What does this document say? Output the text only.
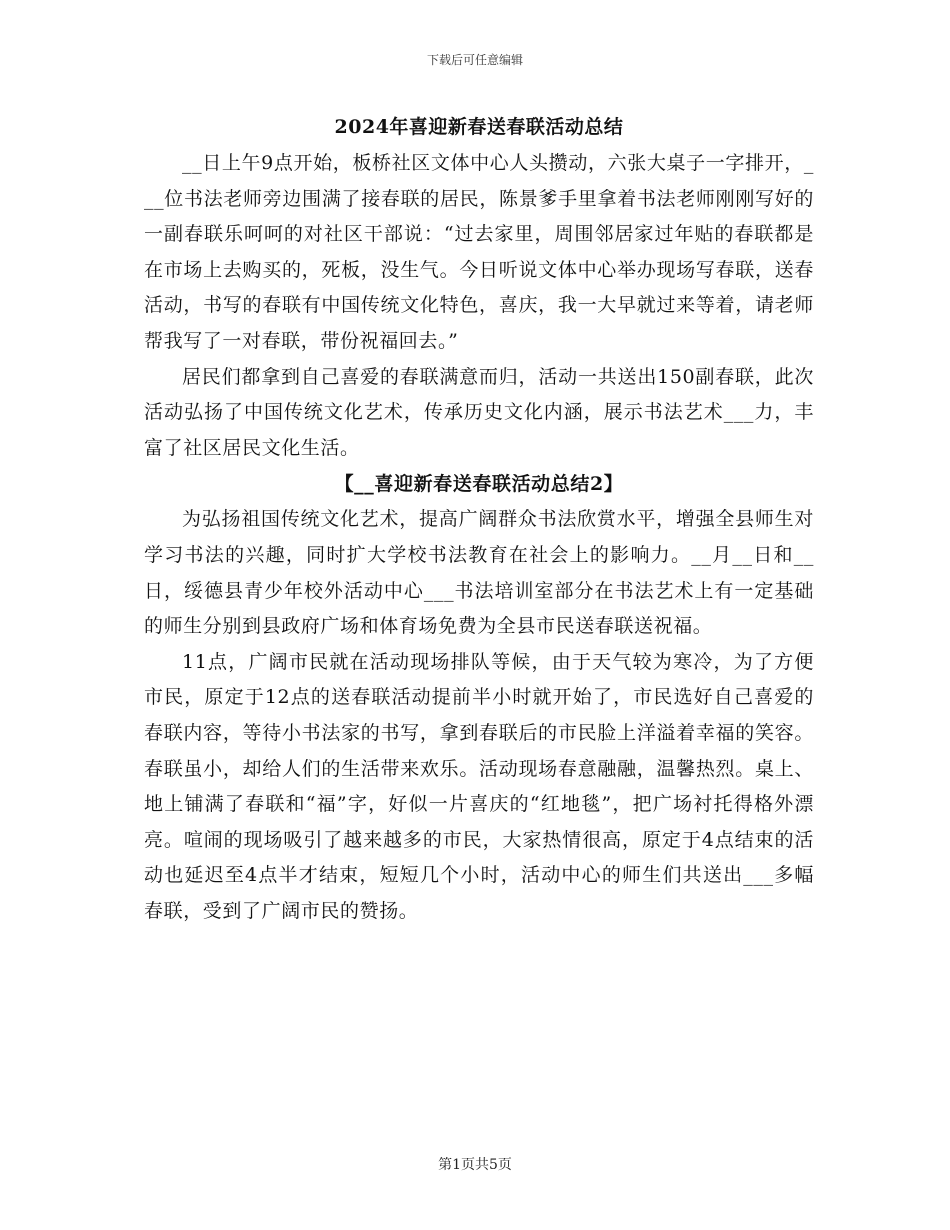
下载后可任意编辑
2024年喜迎新春送春联活动总结

__日上午9点开始，板桥社区文体中心人头攒动，六张大桌子一字排开，___位书法老师旁边围满了接春联的居民，陈景爹手里拿着书法老师刚刚写好的一副春联乐呵呵的对社区干部说：“过去家里，周围邻居家过年贴的春联都是在市场上去购买的，死板，没生气。今日听说文体中心举办现场写春联，送春活动，书写的春联有中国传统文化特色，喜庆，我一大早就过来等着，请老师帮我写了一对春联，带份祝福回去。”

居民们都拿到自己喜爱的春联满意而归，活动一共送出150副春联，此次活动弘扬了中国传统文化艺术，传承历史文化内涵，展示书法艺术___力，丰富了社区居民文化生活。

【__喜迎新春送春联活动总结2】

为弘扬祖国传统文化艺术，提高广阔群众书法欣赏水平，增强全县师生对学习书法的兴趣，同时扩大学校书法教育在社会上的影响力。__月__日和__日，绥德县青少年校外活动中心___书法培训室部分在书法艺术上有一定基础的师生分别到县政府广场和体育场免费为全县市民送春联送祝福。

11点，广阔市民就在活动现场排队等候，由于天气较为寒冷，为了方便市民，原定于12点的送春联活动提前半小时就开始了，市民选好自己喜爱的春联内容，等待小书法家的书写，拿到春联后的市民脸上洋溢着幸福的笑容。春联虽小，却给人们的生活带来欢乐。活动现场春意融融，温馨热烈。桌上、地上铺满了春联和“福”字，好似一片喜庆的“红地毯”，把广场衬托得格外漂亮。喧闹的现场吸引了越来越多的市民，大家热情很高，原定于4点结束的活动也延迟至4点半才结束，短短几个小时，活动中心的师生们共送出___多幅春联，受到了广阔市民的赞扬。

第1页共5页
